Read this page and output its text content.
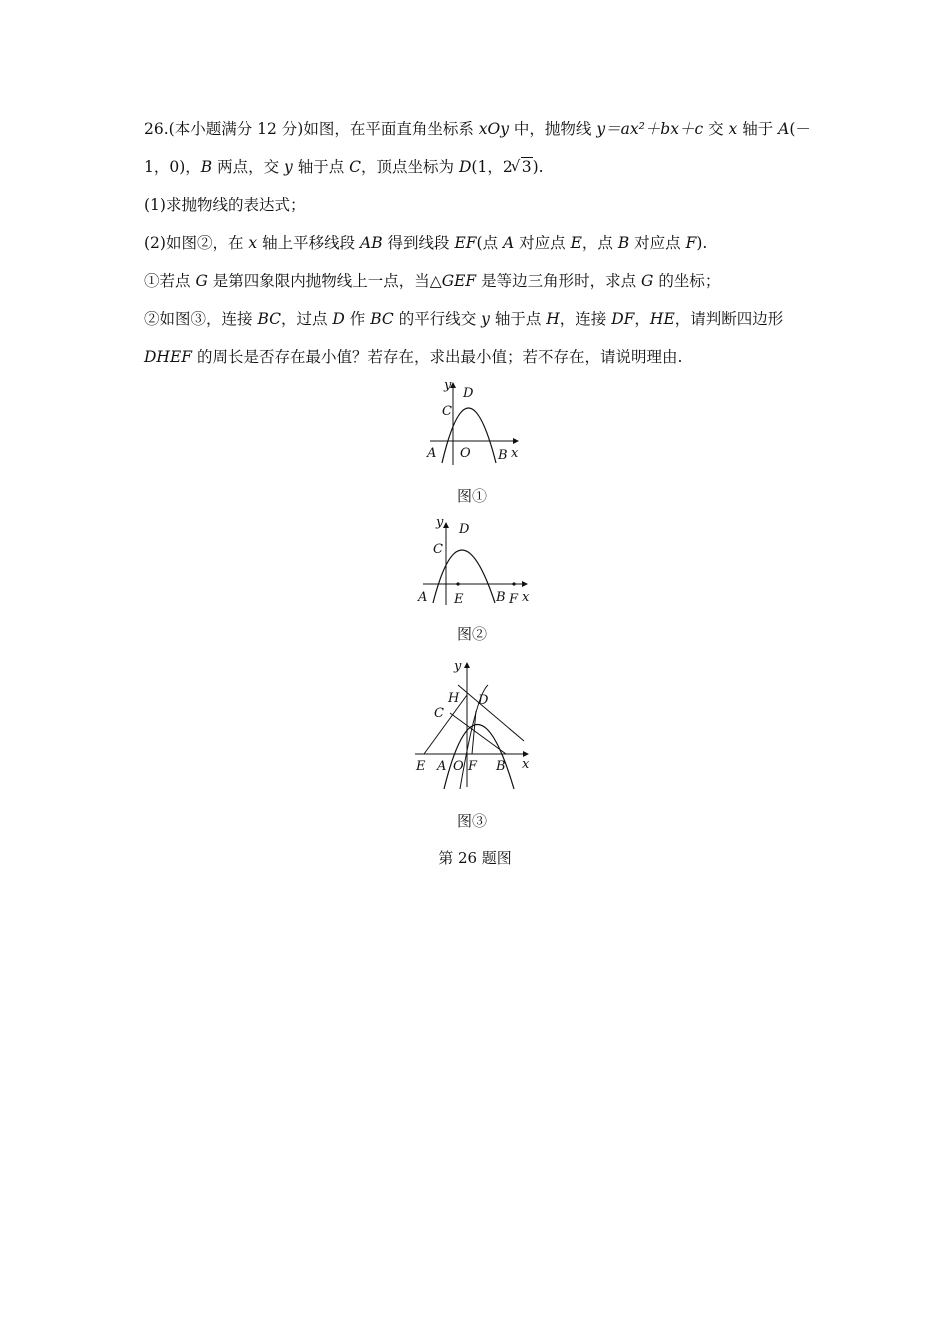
26.(本小题满分 12 分)如图，在平面直角坐标系 xOy 中，抛物线 y＝ax²＋bx＋c 交 x 轴于 A(－
1，0)，B 两点，交 y 轴于点 C，顶点坐标为 D(1，2√ 3).
(1)求抛物线的表达式；
(2)如图②，在 x 轴上平移线段 AB 得到线段 EF(点 A 对应点 E，点 B 对应点 F).
①若点 G 是第四象限内抛物线上一点，当△GEF 是等边三角形时，求点 G 的坐标；
②如图③，连接 BC，过点 D 作 BC 的平行线交 y 轴于点 H，连接 DF，HE，请判断四边形
DHEF 的周长是否存在最小值？若存在，求出最小值；若不存在，请说明理由.
y
D
C
A O B x
图①
y D
C
A E	B F x
图②
y
H D
C
E A O F B x
图③
第 26 题图
